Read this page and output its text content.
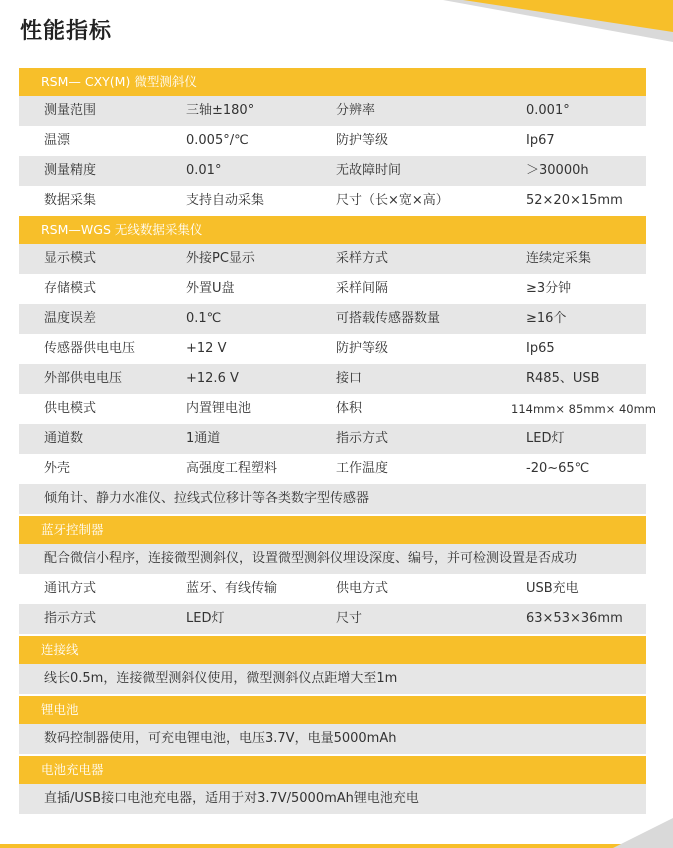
性能指标
RSM— CXY(M) 微型测斜仪
测量范围	三轴±180°	分辨率	0.001°
温漂	0.005°/℃	防护等级	Ip67
测量精度	0.01°	无故障时间	＞30000h
数据采集	支持自动采集	尺寸（长×宽×高）	52×20×15mm
RSM—WGS 无线数据采集仪
显示模式	外接PC显示	采样方式	连续定采集
存储模式	外置U盘	采样间隔	≥3分钟
温度误差	0.1℃	可搭载传感器数量	≥16个
传感器供电电压	+12 V	防护等级	Ip65
外部供电电压	+12.6 V	接口	R485、USB
供电模式	内置锂电池	体积	114mm× 85mm× 40mm
通道数	1通道	指示方式	LED灯
外壳	高强度工程塑料	工作温度	-20~65℃
倾角计、静力水准仪、拉线式位移计等各类数字型传感器
蓝牙控制器
配合微信小程序，连接微型测斜仪，设置微型测斜仪埋设深度、编号，并可检测设置是否成功
通讯方式	蓝牙、有线传输	供电方式	USB充电
指示方式	LED灯	尺寸	63×53×36mm
连接线
线长0.5m，连接微型测斜仪使用，微型测斜仪点距增大至1m
锂电池
数码控制器使用，可充电锂电池，电压3.7V，电量5000mAh
电池充电器
直插/USB接口电池充电器，适用于对3.7V/5000mAh锂电池充电
